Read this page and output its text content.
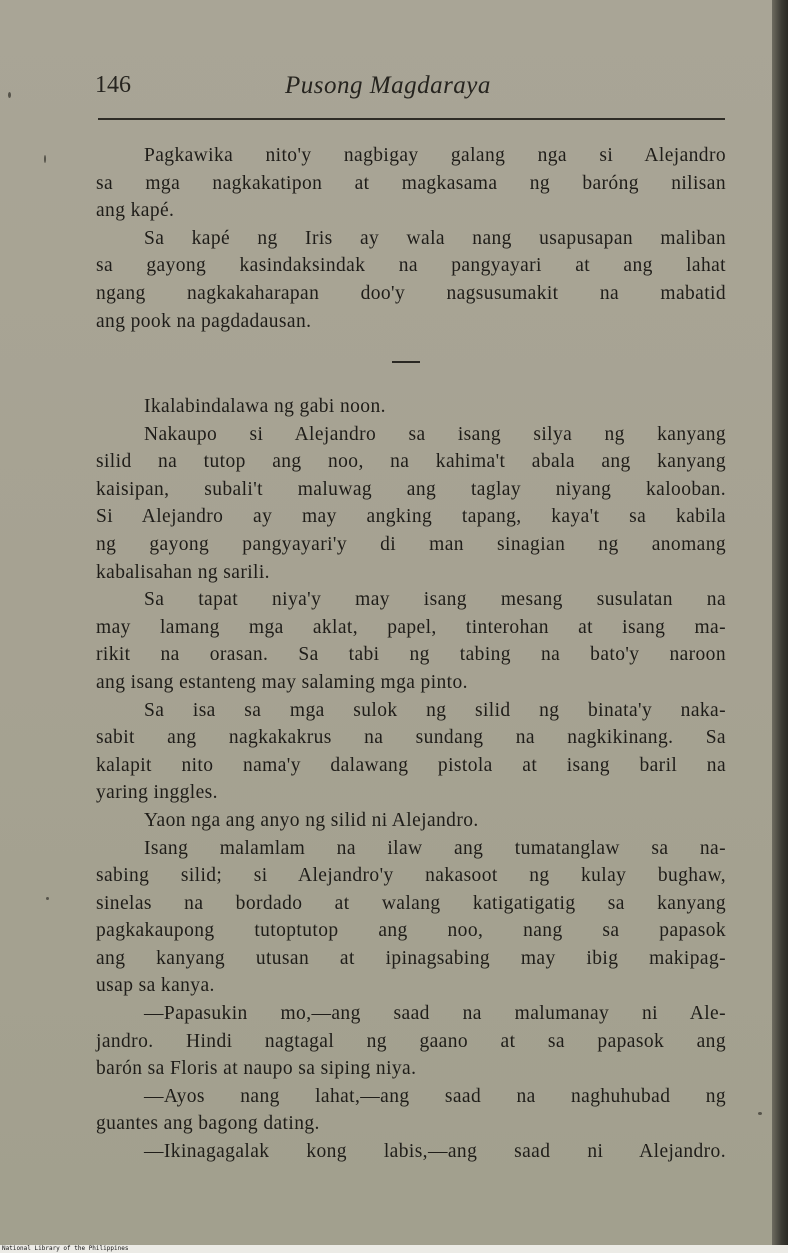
146	Pusong Magdaraya
Pagkawika nito'y nagbigay galang nga si Alejandro
sa mga nagkakatipon at magkasama ng baróng nilisan
ang kapé.
Sa kapé ng Iris ay wala nang usapusapan maliban
sa gayong kasindaksindak na pangyayari at ang lahat
ngang nagkakaharapan doo'y nagsusumakit na mabatid
ang pook na pagdadausan.
Ikalabindalawa ng gabi noon.
Nakaupo si Alejandro sa isang silya ng kanyang
silid na tutop ang noo, na kahima't abala ang kanyang
kaisipan, subali't maluwag ang taglay niyang kalooban.
Si Alejandro ay may angking tapang, kaya't sa kabila
ng gayong pangyayari'y di man sinagian ng anomang
kabalisahan ng sarili.
Sa tapat niya'y may isang mesang susulatan na
may lamang mga aklat, papel, tinterohan at isang ma-
rikit na orasan. Sa tabi ng tabing na bato'y naroon
ang isang estanteng may salaming mga pinto.
Sa isa sa mga sulok ng silid ng binata'y naka-
sabit ang nagkakakrus na sundang na nagkikinang. Sa
kalapit nito nama'y dalawang pistola at isang baril na
yaring inggles.
Yaon nga ang anyo ng silid ni Alejandro.
Isang malamlam na ilaw ang tumatanglaw sa na-
sabing silid; si Alejandro'y nakasoot ng kulay bughaw,
sinelas na bordado at walang katigatigatig sa kanyang
pagkakaupong tutoptutop ang noo, nang sa papasok
ang kanyang utusan at ipinagsabing may ibig makipag-
usap sa kanya.
—Papasukin mo,—ang saad na malumanay ni Ale-
jandro. Hindi nagtagal ng gaano at sa papasok ang
barón sa Floris at naupo sa siping niya.
—Ayos nang lahat,—ang saad na naghuhubad ng
guantes ang bagong dating.
—Ikinagagalak kong labis,—ang saad ni Alejandro.
National Library of the Philippines
